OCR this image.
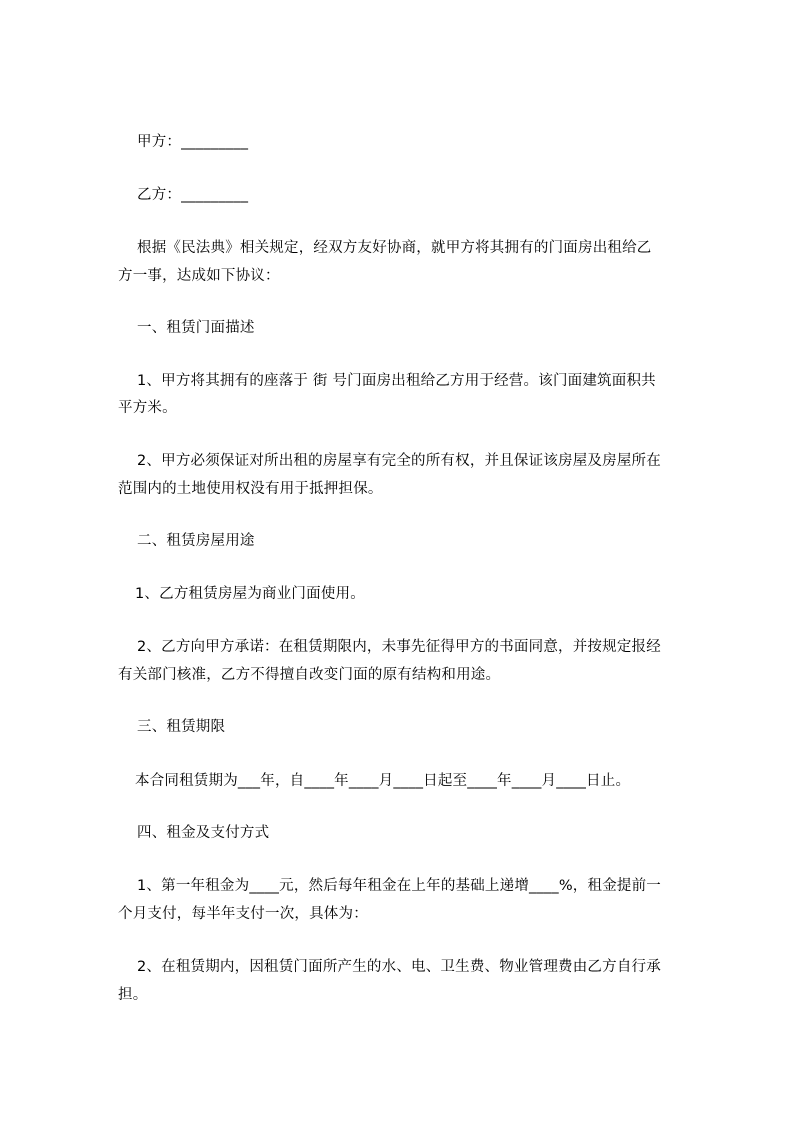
甲方：_________
乙方：_________
根据《民法典》相关规定，经双方友好协商，就甲方将其拥有的门面房出租给乙
方一事，达成如下协议：
一、租赁门面描述
1、甲方将其拥有的座落于 街 号门面房出租给乙方用于经营。该门面建筑面积共
平方米。
2、甲方必须保证对所出租的房屋享有完全的所有权，并且保证该房屋及房屋所在
范围内的土地使用权没有用于抵押担保。
二、租赁房屋用途
1、乙方租赁房屋为商业门面使用。
2、乙方向甲方承诺：在租赁期限内，未事先征得甲方的书面同意，并按规定报经
有关部门核准，乙方不得擅自改变门面的原有结构和用途。
三、租赁期限
本合同租赁期为___年，自____年____月____日起至____年____月____日止。
四、租金及支付方式
1、第一年租金为____元，然后每年租金在上年的基础上递增____%，租金提前一
个月支付，每半年支付一次，具体为：
2、在租赁期内，因租赁门面所产生的水、电、卫生费、物业管理费由乙方自行承
担。
